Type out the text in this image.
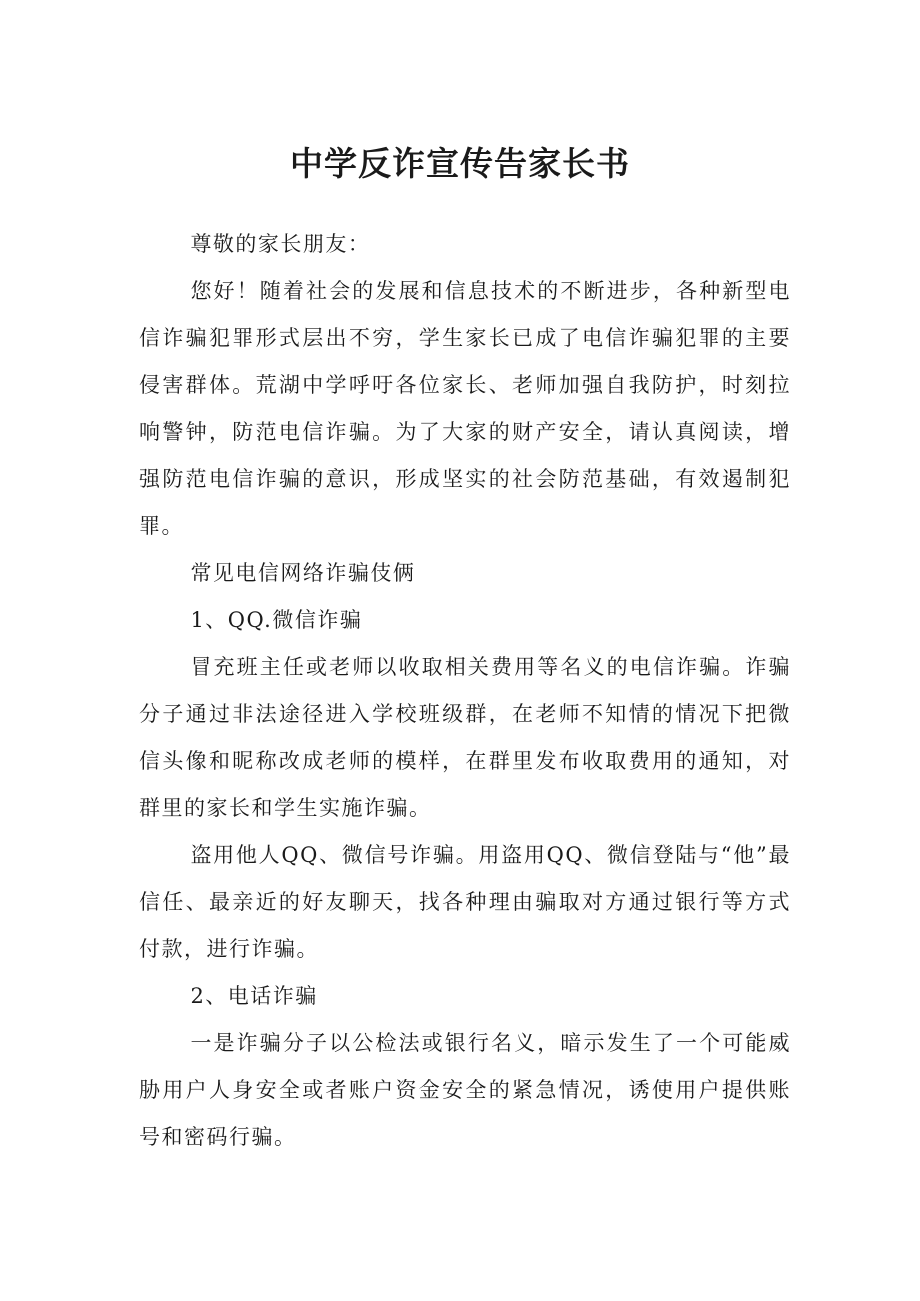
中学反诈宣传告家长书

尊敬的家长朋友：

您好！随着社会的发展和信息技术的不断进步，各种新型电信诈骗犯罪形式层出不穷，学生家长已成了电信诈骗犯罪的主要侵害群体。荒湖中学呼吁各位家长、老师加强自我防护，时刻拉响警钟，防范电信诈骗。为了大家的财产安全，请认真阅读，增强防范电信诈骗的意识，形成坚实的社会防范基础，有效遏制犯罪。

常见电信网络诈骗伎俩

1、QQ.微信诈骗

冒充班主任或老师以收取相关费用等名义的电信诈骗。诈骗分子通过非法途径进入学校班级群，在老师不知情的情况下把微信头像和昵称改成老师的模样，在群里发布收取费用的通知，对群里的家长和学生实施诈骗。

盗用他人QQ、微信号诈骗。用盗用QQ、微信登陆与“他”最信任、最亲近的好友聊天，找各种理由骗取对方通过银行等方式付款，进行诈骗。

2、电话诈骗

一是诈骗分子以公检法或银行名义，暗示发生了一个可能威胁用户人身安全或者账户资金安全的紧急情况，诱使用户提供账号和密码行骗。
